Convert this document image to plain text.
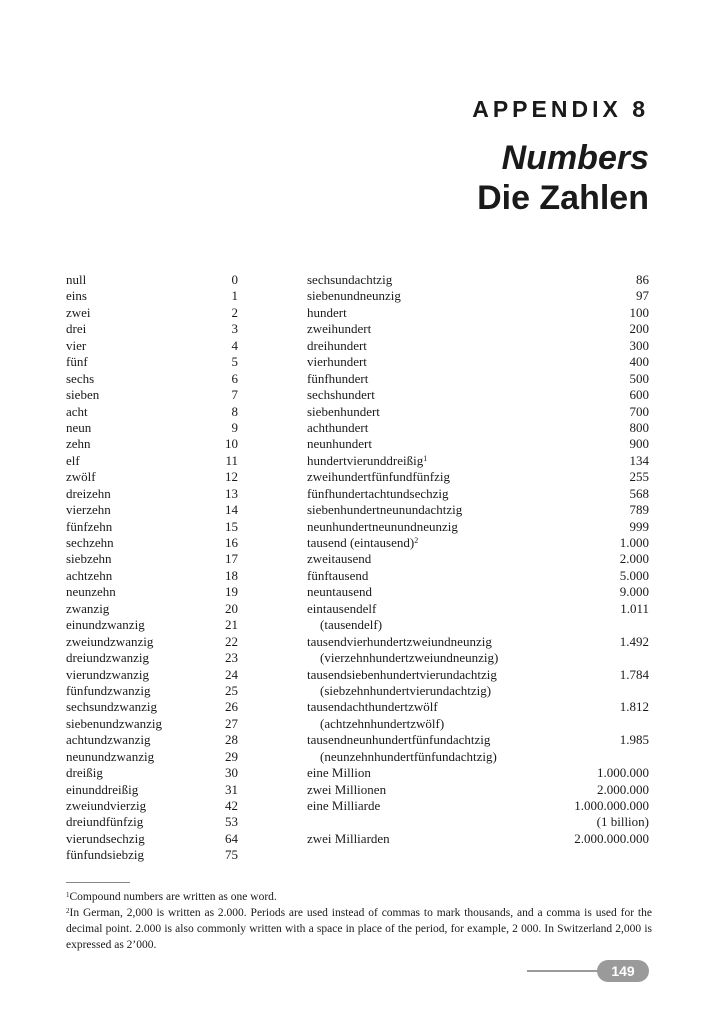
APPENDIX 8
Numbers
Die Zahlen
null	0
eins	1
zwei	2
drei	3
vier	4
fünf	5
sechs	6
sieben	7
acht	8
neun	9
zehn	10
elf	11
zwölf	12
dreizehn	13
vierzehn	14
fünfzehn	15
sechzehn	16
siebzehn	17
achtzehn	18
neunzehn	19
zwanzig	20
einundzwanzig	21
zweiundzwanzig	22
dreiundzwanzig	23
vierundzwanzig	24
fünfundzwanzig	25
sechsundzwanzig	26
siebenundzwanzig	27
achtundzwanzig	28
neunundzwanzig	29
dreißig	30
einunddreißig	31
zweiundvierzig	42
dreiundfünfzig	53
vierundsechzig	64
fünfundsiebzig	75
sechsundachtzig	86
siebenundneunzig	97
hundert	100
zweihundert	200
dreihundert	300
vierhundert	400
fünfhundert	500
sechshundert	600
siebenhundert	700
achthundert	800
neunhundert	900
hundertvierunddreißig$^1$	134
zweihundertfünfundfünfzig	255
fünfhundertachtundsechzig	568
siebenhundertneunundachtzig	789
neunhundertneunundneunzig	999
tausend (eintausend)$^2$	1.000
zweitausend	2.000
fünftausend	5.000
neuntausend	9.000
eintausendelf	1.011
(tausendelf)
tausendvierhundertzweiundneunzig	1.492
(vierzehnhundertzweiundneunzig)
tausendsiebenhundertvierundachtzig	1.784
(siebzehnhundertvierundachtzig)
tausendachthundertzwölf	1.812
(achtzehnhundertzwölf)
tausendneunhundertfünfundachtzig	1.985
(neunzehnhundertfünfundachtzig)
eine Million	1.000.000
zwei Millionen	2.000.000
eine Milliarde	1.000.000.000
(1 billion)
zwei Milliarden	2.000.000.000

$^1$Compound numbers are written as one word.

$^2$In German, 2,000 is written as 2.000. Periods are used instead of commas to mark thousands, and a comma is used for the decimal point. 2.000 is also commonly written with a space in place of the period, for example, 2 000. In Switzerland 2,000 is expressed as 2’000.

149
